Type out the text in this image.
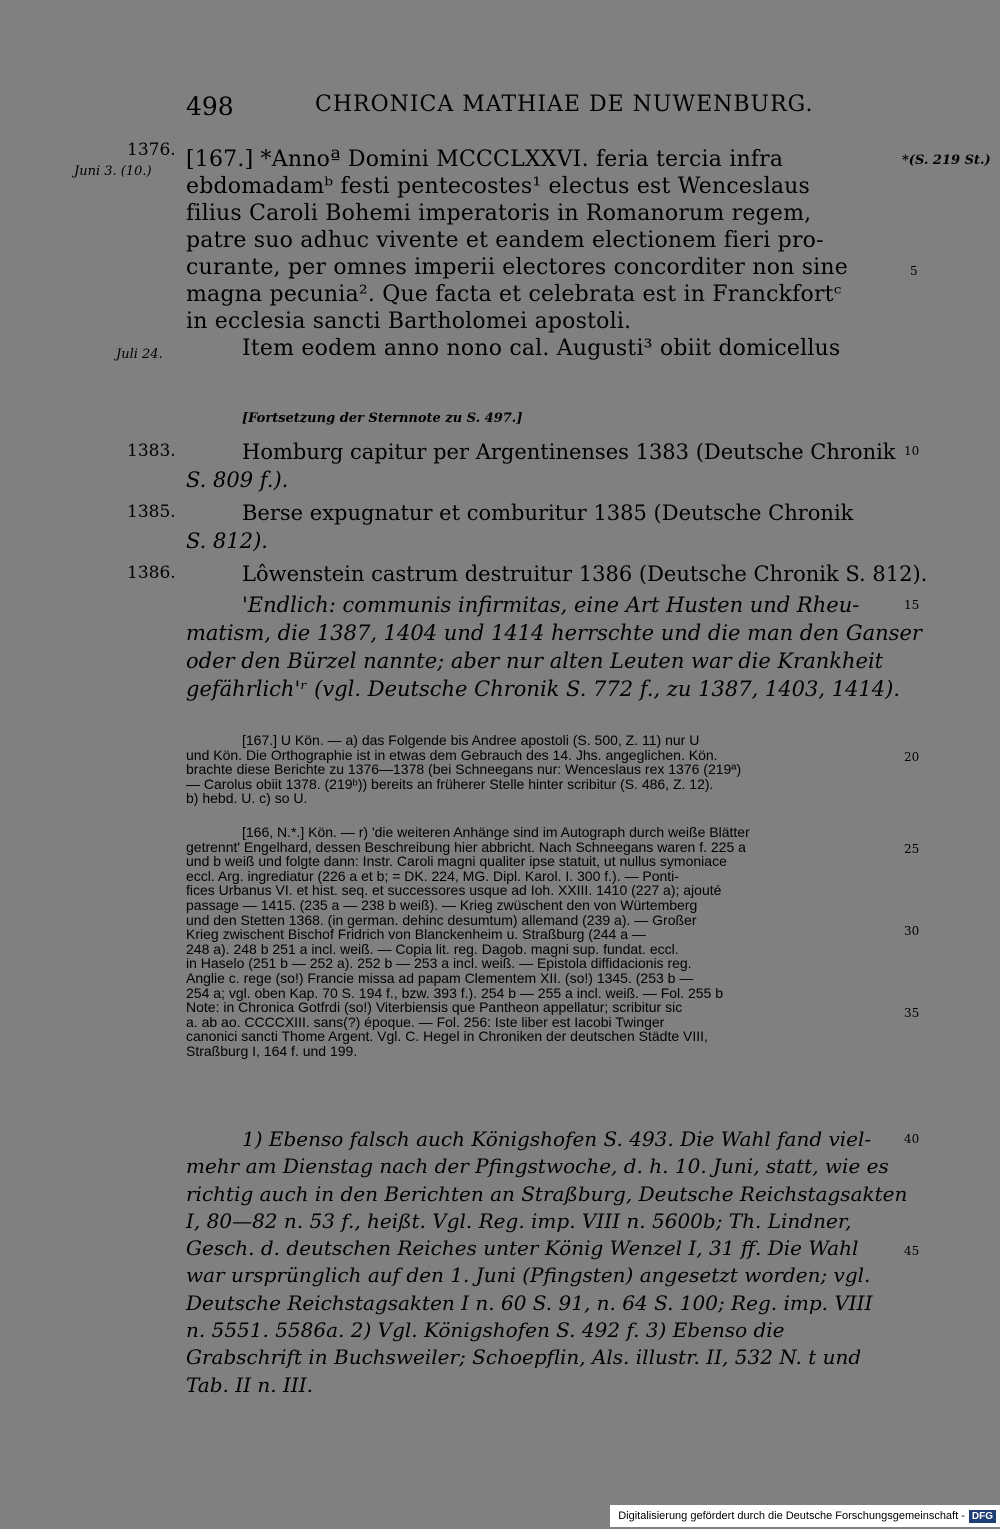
498	CHRONICA MATHIAE DE NUWENBURG.
1376.
Juni 3. (10.)
Juli 24.
*(S. 219 St.)
[167.] *Annoª Domini MCCCLXXVI. feria tercia infra
ebdomadamᵇ festi pentecostes¹ electus est Wenceslaus
filius Caroli Bohemi imperatoris in Romanorum regem,
patre suo adhuc vivente et eandem electionem fieri pro-
curante, per omnes imperii electores concorditer non sine
magna pecunia². Que facta et celebrata est in Franckfortᶜ
in ecclesia sancti Bartholomei apostoli.
Item eodem anno nono cal. Augusti³ obiit domicellus
[Fortsetzung der Sternnote zu S. 497.]
1383.	Homburg capitur per Argentinenses 1383 (Deutsche Chronik
S. 809 f.).
1385.	Berse expugnatur et comburitur 1385 (Deutsche Chronik
S. 812).
1386.	Lôwenstein castrum destruitur 1386 (Deutsche Chronik S. 812).
'Endlich: communis infirmitas, eine Art Husten und Rheu-
matism, die 1387, 1404 und 1414 herrschte und die man den Ganser
oder den Bürzel nannte; aber nur alten Leuten war die Krankheit
gefährlich'ʳ (vgl. Deutsche Chronik S. 772 f., zu 1387, 1403, 1414).
[167.] U Kön. — a) das Folgende bis Andree apostoli (S. 500, Z. 11) nur U
und Kön. Die Orthographie ist in etwas dem Gebrauch des 14. Jhs. angeglichen. Kön.
brachte diese Berichte zu 1376—1378 (bei Schneegans nur: Wenceslaus rex 1376 (219ª)
— Carolus obiit 1378. (219ᵇ)) bereits an früherer Stelle hinter scribitur (S. 486, Z. 12).
b) hebd. U. c) so U.
[166, N.*.] Kön. — r) 'die weiteren Anhänge sind im Autograph durch weiße Blätter
getrennt' Engelhard, dessen Beschreibung hier abbricht. Nach Schneegans waren f. 225 a
und b weiß und folgte dann: Instr. Caroli magni qualiter ipse statuit, ut nullus symoniace
eccl. Arg. ingrediatur (226 a et b; = DK. 224, MG. Dipl. Karol. I. 300 f.). — Ponti-
fices Urbanus VI. et hist. seq. et successores usque ad Ioh. XXIII. 1410 (227 a); ajouté
passage — 1415. (235 a — 238 b weiß). — Krieg zwüschent den von Würtemberg
und den Stetten 1368. (in german. dehinc desumtum) allemand (239 a). — Großer
Krieg zwischent Bischof Fridrich von Blanckenheim u. Straßburg (244 a —
248 a). 248 b 251 a incl. weiß. — Copia lit. reg. Dagob. magni sup. fundat. eccl.
in Haselo (251 b — 252 a). 252 b — 253 a incl. weiß. — Epistola diffidacionis reg.
Anglie c. rege (so!) Francie missa ad papam Clementem XII. (so!) 1345. (253 b —
254 a; vgl. oben Kap. 70 S. 194 f., bzw. 393 f.). 254 b — 255 a incl. weiß. — Fol. 255 b
Note: in Chronica Gotfrdi (so!) Viterbiensis que Pantheon appellatur; scribitur sic
a. ab ao. CCCCXIII. sans(?) époque. — Fol. 256: Iste liber est Iacobi Twinger
canonici sancti Thome Argent. Vgl. C. Hegel in Chroniken der deutschen Städte VIII,
Straßburg I, 164 f. und 199.
1) Ebenso falsch auch Königshofen S. 493. Die Wahl fand viel-
mehr am Dienstag nach der Pfingstwoche, d. h. 10. Juni, statt, wie es
richtig auch in den Berichten an Straßburg, Deutsche Reichstagsakten
I, 80—82 n. 53 f., heißt. Vgl. Reg. imp. VIII n. 5600b; Th. Lindner,
Gesch. d. deutschen Reiches unter König Wenzel I, 31 ff. Die Wahl
war ursprünglich auf den 1. Juni (Pfingsten) angesetzt worden; vgl.
Deutsche Reichstagsakten I n. 60 S. 91, n. 64 S. 100; Reg. imp. VIII
n. 5551. 5586a. 2) Vgl. Königshofen S. 492 f. 3) Ebenso die
Grabschrift in Buchsweiler; Schoepflin, Als. illustr. II, 532 N. t und
Tab. II n. III.
5
10
15
20
25
30
35
40
45
Digitalisierung gefördert durch die Deutsche Forschungsgemeinschaft - DFG
